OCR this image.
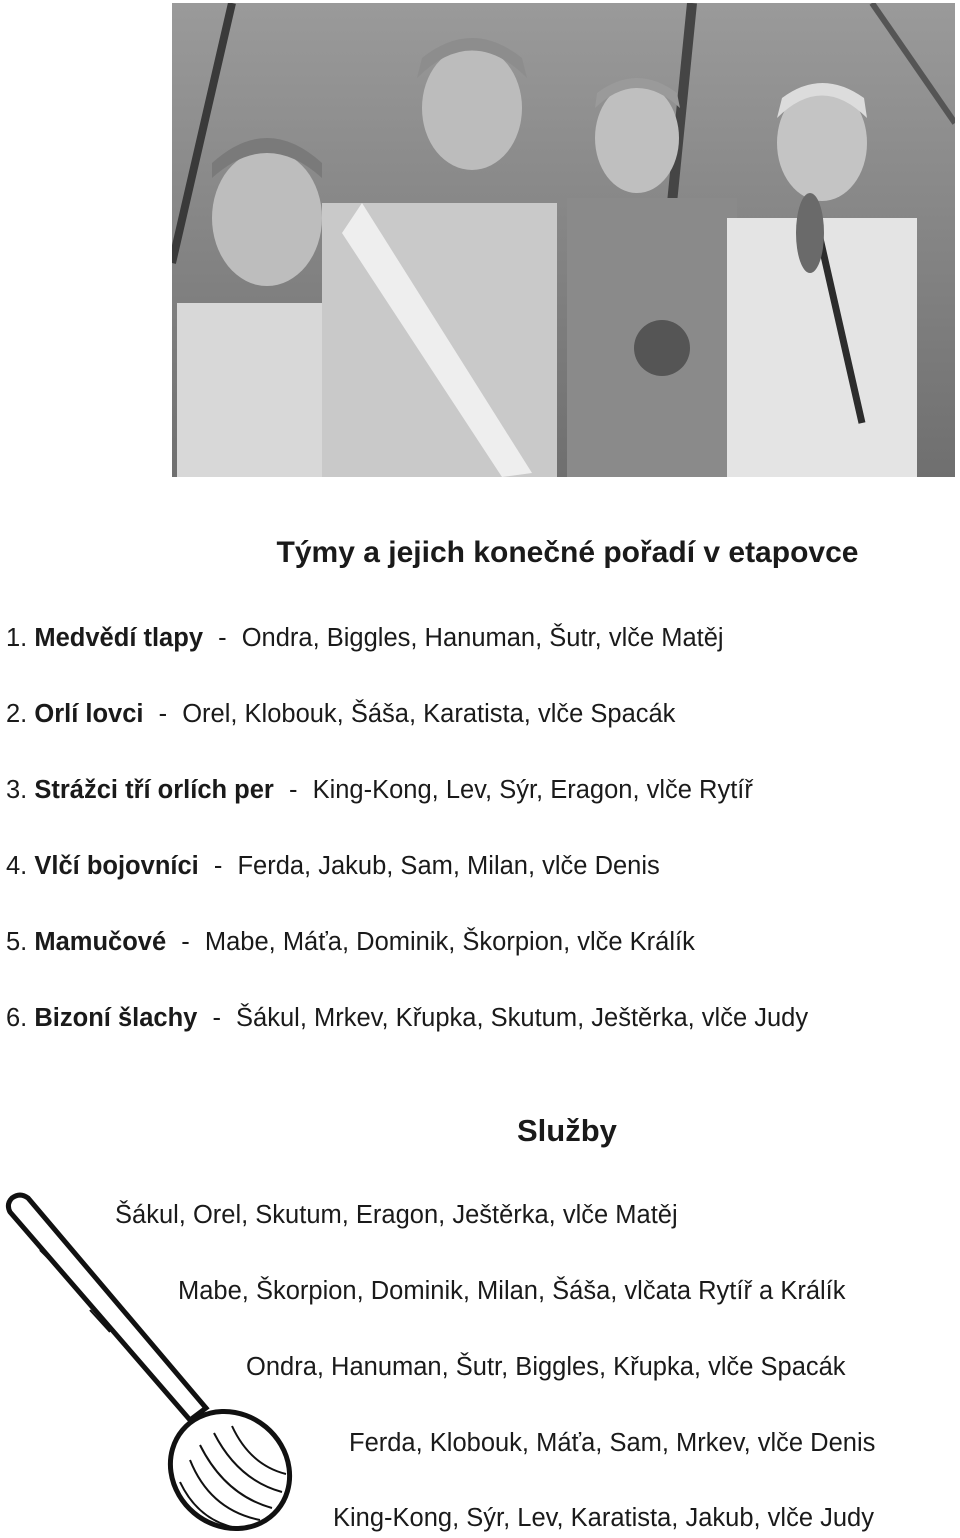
Týmy a jejich konečné pořadí v etapovce
1. Medvědí tlapy - Ondra, Biggles, Hanuman, Šutr, vlče Matěj
2. Orlí lovci - Orel, Klobouk, Šáša, Karatista, vlče Spacák
3. Strážci tří orlích per - King-Kong, Lev, Sýr, Eragon, vlče Rytíř
4. Vlčí bojovníci - Ferda, Jakub, Sam, Milan, vlče Denis
5. Mamučové - Mabe, Máťa, Dominik, Škorpion, vlče Králík
6. Bizoní šlachy - Šákul, Mrkev, Křupka, Skutum, Ještěrka, vlče Judy
Služby
Šákul, Orel, Skutum, Eragon, Ještěrka, vlče Matěj
Mabe, Škorpion, Dominik, Milan, Šáša, vlčata Rytíř a Králík
Ondra, Hanuman, Šutr, Biggles, Křupka, vlče Spacák
Ferda, Klobouk, Máťa, Sam, Mrkev, vlče Denis
King-Kong, Sýr, Lev, Karatista, Jakub, vlče Judy
